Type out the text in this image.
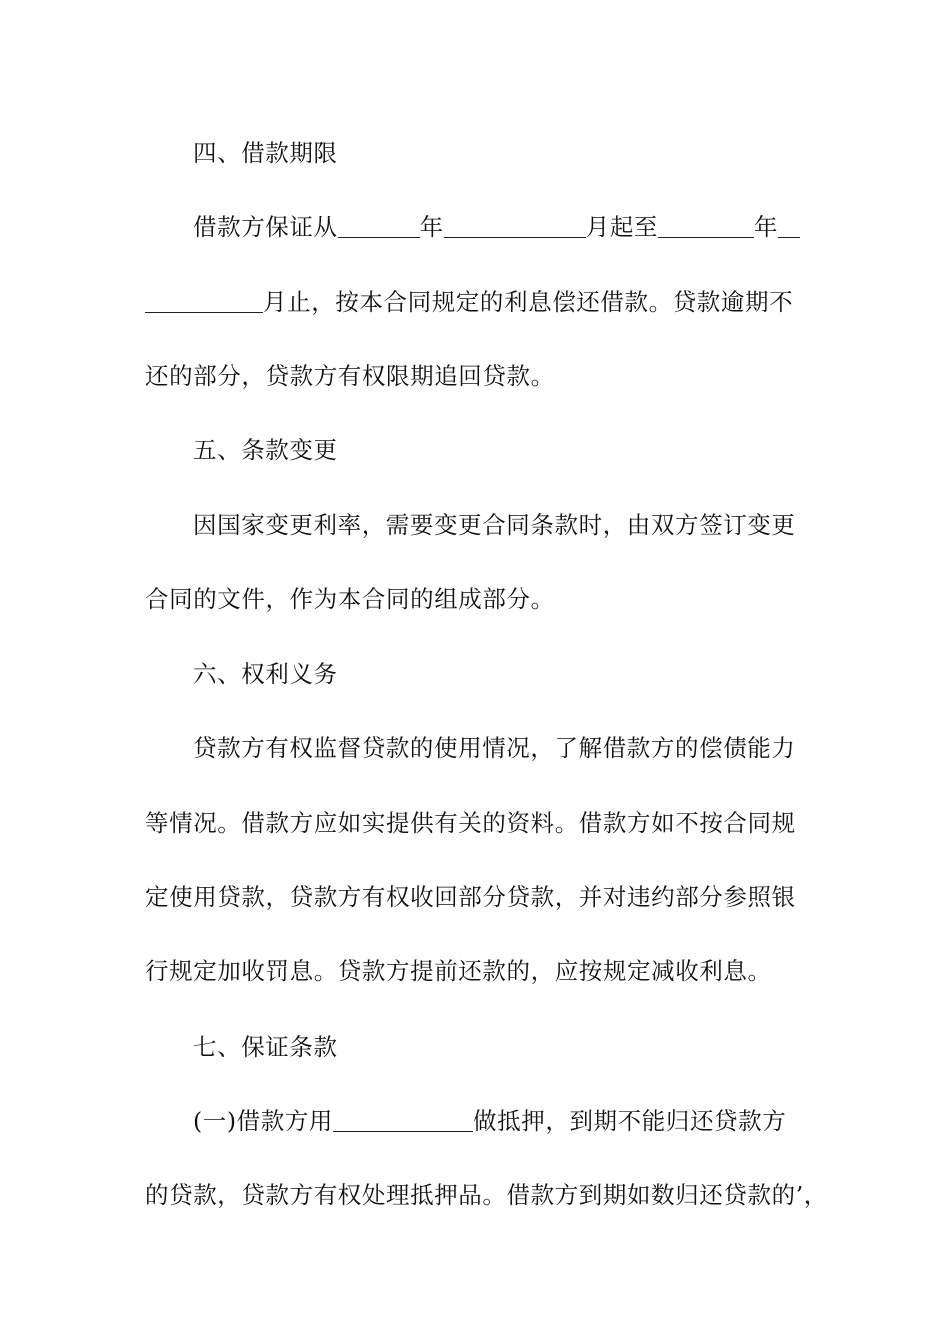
四、借款期限
借款方保证从	年	月起至	年
月止，按本合同规定的利息偿还借款。贷款逾期不
还的部分，贷款方有权限期追回贷款。
五、条款变更
因国家变更利率，需要变更合同条款时，由双方签订变更
合同的文件，作为本合同的组成部分。
六、权利义务
贷款方有权监督贷款的使用情况，了解借款方的偿债能力
等情况。借款方应如实提供有关的资料。借款方如不按合同规
定使用贷款，贷款方有权收回部分贷款，并对违约部分参照银
行规定加收罚息。贷款方提前还款的，应按规定减收利息。
七、保证条款
(一)借款方用	做抵押，到期不能归还贷款方
的贷款，贷款方有权处理抵押品。借款方到期如数归还贷款的’，
